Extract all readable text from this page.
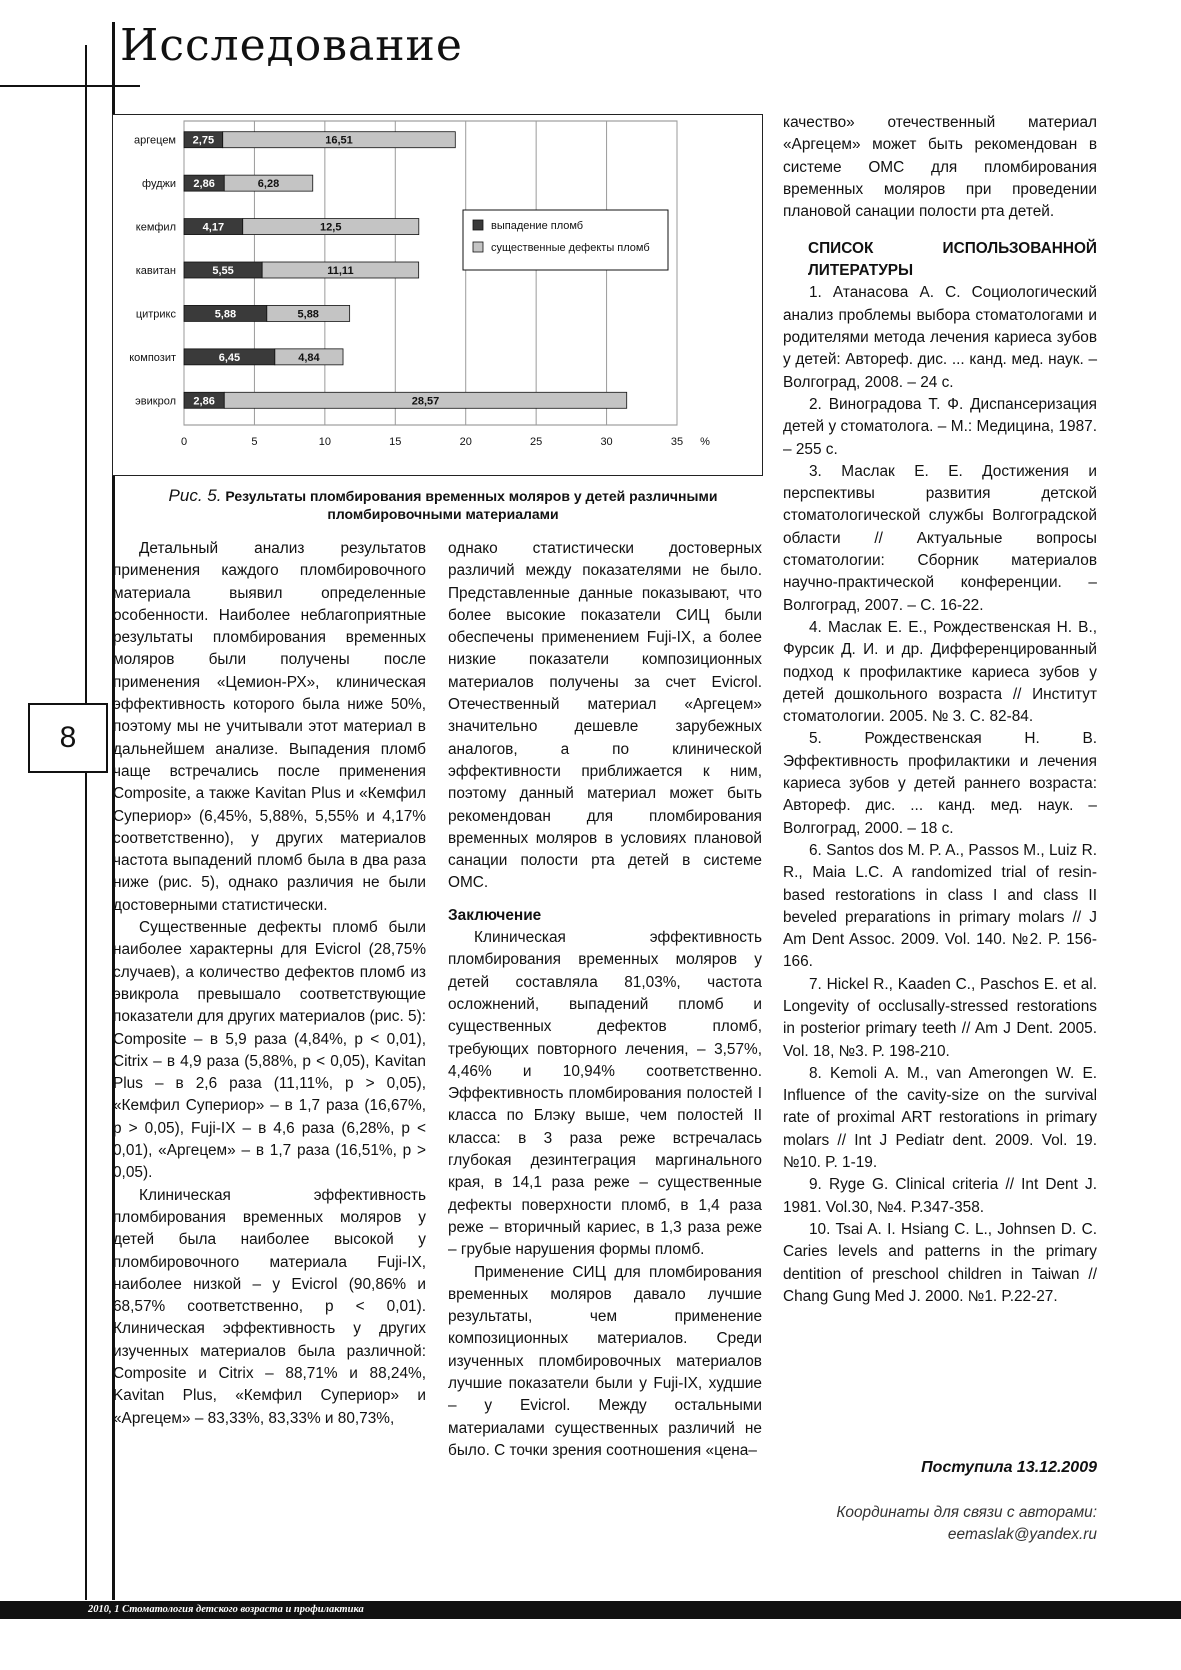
Исследование
8
0	5	10	15	20	25	30	35 %
аргецем 2,75	16,51
фуджи 2,86	6,28
кемфил 4,17	12,5
кавитан	5,55	11,11
цитрикс	5,88	5,88
композит	6,45	4,84
эвикрол 2,86	28,57
выпадение пломб
существенные дефекты пломб
Рис. 5. Результаты пломбирования временных моляров у детей различными пломбировочными материалами

Детальный анализ результатов применения каждого пломбировочного материала выявил определенные особенности. Наиболее неблагоприятные результаты пломбирования временных моляров были получены после применения «Цемион-РХ», клиническая эффективность которого была ниже 50%, поэтому мы не учитывали этот материал в дальнейшем анализе. Выпадения пломб чаще встречались после применения Composite, а также Kavitan Plus и «Кемфил Супериор» (6,45%, 5,88%, 5,55% и 4,17% соответственно), у других материалов частота выпадений пломб была в два раза ниже (рис. 5), однако различия не были достоверными статистически.

Существенные дефекты пломб были наиболее характерны для Evicrol (28,75% случаев), а количество дефектов пломб из эвикрола превышало соответствующие показатели для других материалов (рис. 5): Composite – в 5,9 раза (4,84%, p < 0,01), Citrix – в 4,9 раза (5,88%, p < 0,05), Kavitan Plus – в 2,6 раза (11,11%, p > 0,05), «Кемфил Супериор» – в 1,7 раза (16,67%, p > 0,05), Fuji-IX – в 4,6 раза (6,28%, p < 0,01), «Аргецем» – в 1,7 раза (16,51%, p > 0,05).

Клиническая эффективность пломбирования временных моляров у детей была наиболее высокой у пломбировочного материала Fuji-IX, наиболее низкой – у Evicrol (90,86% и 68,57% соответственно, p < 0,01). Клиническая эффективность у других изученных материалов была различной: Composite и Citrix – 88,71% и 88,24%, Kavitan Plus, «Кемфил Супериор» и «Аргецем» – 83,33%, 83,33% и 80,73%,

однако статистически достоверных различий между показателями не было. Представленные данные показывают, что более высокие показатели СИЦ были обеспечены применением Fuji-IX, а более низкие показатели композиционных материалов получены за счет Evicrol. Отечественный материал «Аргецем» значительно дешевле зарубежных аналогов, а по клинической эффективности приближается к ним, поэтому данный материал может быть рекомендован для пломбирования временных моляров в условиях плановой санации полости рта детей в системе ОМС.

Заключение

Клиническая эффективность пломбирования временных моляров у детей составляла 81,03%, частота осложнений, выпадений пломб и существенных дефектов пломб, требующих повторного лечения, – 3,57%, 4,46% и 10,94% соответственно. Эффективность пломбирования полостей I класса по Блэку выше, чем полостей II класса: в 3 раза реже встречалась глубокая дезинтеграция маргинального края, в 14,1 раза реже – существенные дефекты поверхности пломб, в 1,4 раза реже – вторичный кариес, в 1,3 раза реже – грубые нарушения формы пломб.

Применение СИЦ для пломбирования временных моляров давало лучшие результаты, чем применение композиционных материалов. Среди изученных пломбировочных материалов лучшие показатели были у Fuji-IX, худшие – у Evicrol. Между остальными материалами существенных различий не было. С точки зрения соотношения «цена–

качество» отечественный материал «Аргецем» может быть рекомендован в системе ОМС для пломбирования временных моляров при проведении плановой санации полости рта детей.

СПИСОК ИСПОЛЬЗОВАННОЙ ЛИТЕРАТУРЫ

1. Атанасова А. С. Социологический анализ проблемы выбора стоматологами и родителями метода лечения кариеса зубов у детей: Автореф. дис. ... канд. мед. наук. – Волгоград, 2008. – 24 с.

2. Виноградова Т. Ф. Диспансеризация детей у стоматолога. – М.: Медицина, 1987. – 255 с.

3. Маслак Е. Е. Достижения и перспективы развития детской стоматологической службы Волгоградской области // Актуальные вопросы стоматологии: Сборник материалов научно-практической конференции. – Волгоград, 2007. – С. 16-22.

4. Маслак Е. Е., Рождественская Н. В., Фурсик Д. И. и др. Дифференцированный подход к профилактике кариеса зубов у детей дошкольного возраста // Институт стоматологии. 2005. № 3. С. 82-84.

5. Рождественская Н. В. Эффективность профилактики и лечения кариеса зубов у детей раннего возраста: Автореф. дис. ... канд. мед. наук. – Волгоград, 2000. – 18 с.

6. Santos dos M. P. A., Passos M., Luiz R. R., Maia L.C. A randomized trial of resin-based restorations in class I and class II beveled preparations in primary molars // J Am Dent Assoc. 2009. Vol. 140. №2. P. 156-166.

7. Hickel R., Kaaden C., Paschos E. et al. Longevity of occlusally-stressed restorations in posterior primary teeth // Am J Dent. 2005. Vol. 18, №3. P. 198-210.

8. Kemoli A. M., van Amerongen W. E. Influence of the cavity-size on the survival rate of proximal ART restorations in primary molars // Int J Pediatr dent. 2009. Vol. 19. №10. P. 1-19.

9. Ryge G. Clinical criteria // Int Dent J. 1981. Vol.30, №4. P.347-358.

10. Tsai A. I. Hsiang C. L., Johnsen D. C. Caries levels and patterns in the primary dentition of preschool children in Taiwan // Chang Gung Med J. 2000. №1. P.22-27.

Поступила 13.12.2009
Координаты для связи с авторами:
eemaslak@yandex.ru
2010, 1 Стоматология детского возраста и профилактика
